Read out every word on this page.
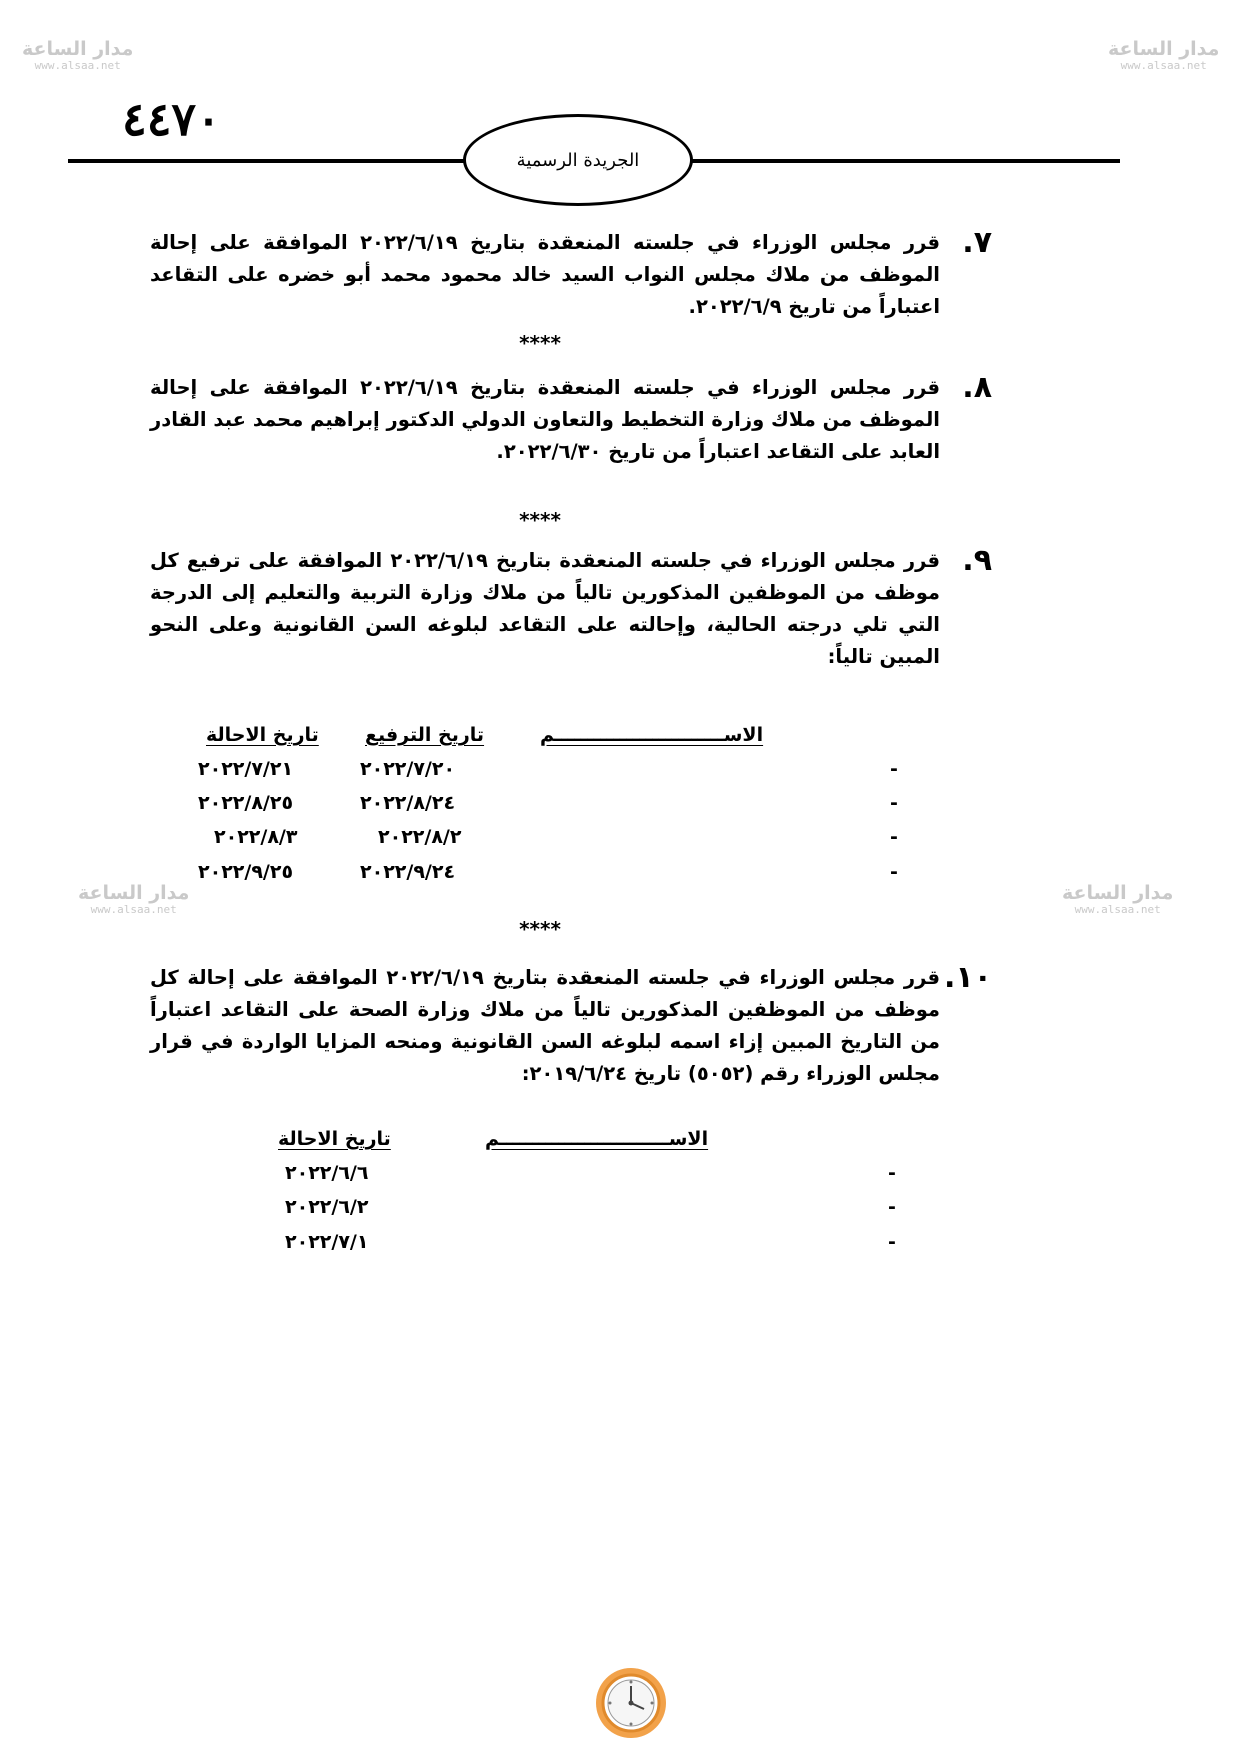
مدار الساعة
www.alsaa.net
مدار الساعة
www.alsaa.net
مدار الساعة
www.alsaa.net
مدار الساعة
www.alsaa.net
٤٤٧٠
الجريدة الرسمية
.٧

قرر مجلس الوزراء في جلسته المنعقدة بتاريخ ٢٠٢٢/٦/١٩ الموافقة على إحالة الموظف من ملاك مجلس النواب السيد خالد محمود محمد أبو خضره على التقاعد اعتباراً من تاريخ ٢٠٢٢/٦/٩.

****
.٨

قرر مجلس الوزراء في جلسته المنعقدة بتاريخ ٢٠٢٢/٦/١٩ الموافقة على إحالة الموظف من ملاك وزارة التخطيط والتعاون الدولي الدكتور إبراهيم محمد عبد القادر العابد على التقاعد اعتباراً من تاريخ ٢٠٢٢/٦/٣٠.

****
.٩

قرر مجلس الوزراء في جلسته المنعقدة بتاريخ ٢٠٢٢/٦/١٩ الموافقة على ترفيع كل موظف من الموظفين المذكورين تالياً من ملاك وزارة التربية والتعليم إلى الدرجة التي تلي درجته الحالية، وإحالته على التقاعد لبلوغه السن القانونية وعلى النحو المبين تالياً:

الاســــــــــــــــــــــــــم
تاريخ الترفيع
تاريخ الاحالة
-
٢٠٢٢/٧/٢٠
٢٠٢٢/٧/٢١
-
٢٠٢٢/٨/٢٤
٢٠٢٢/٨/٢٥
-
٢٠٢٢/٨/٢
٢٠٢٢/٨/٣
-
٢٠٢٢/٩/٢٤
٢٠٢٢/٩/٢٥
****
.١٠

قرر مجلس الوزراء في جلسته المنعقدة بتاريخ ٢٠٢٢/٦/١٩ الموافقة على إحالة كل موظف من الموظفين المذكورين تالياً من ملاك وزارة الصحة على التقاعد اعتباراً من التاريخ المبين إزاء اسمه لبلوغه السن القانونية ومنحه المزايا الواردة في قرار مجلس الوزراء رقم (٥٠٥٢) تاريخ ٢٠١٩/٦/٢٤:

الاســــــــــــــــــــــــــم
تاريخ الاحالة
-
٢٠٢٢/٦/٦
-
٢٠٢٢/٦/٢
-
٢٠٢٢/٧/١
